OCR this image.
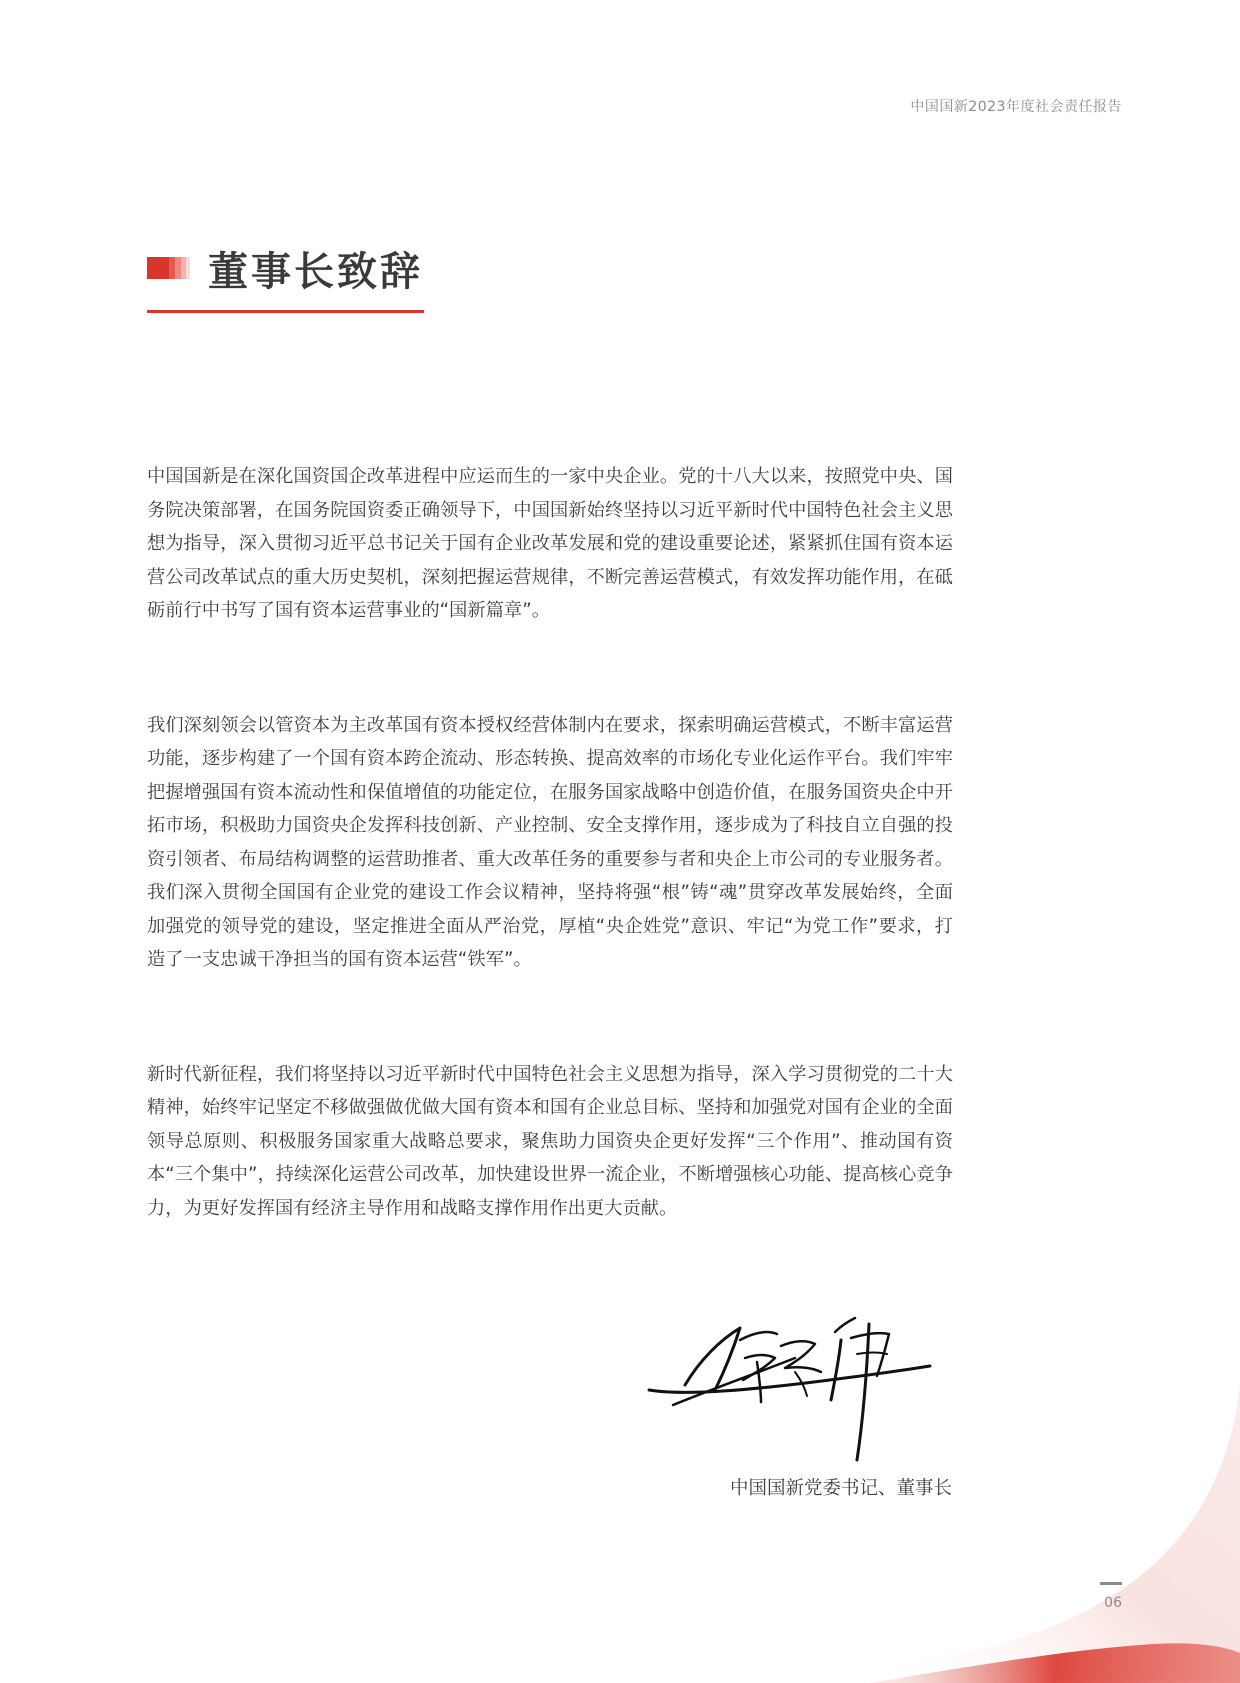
中国国新2023年度社会责任报告
董事长致辞

中国国新是在深化国资国企改革进程中应运而生的一家中央企业。党的十八大以来，按照党中央、国务院决策部署，在国务院国资委正确领导下，中国国新始终坚持以习近平新时代中国特色社会主义思想为指导，深入贯彻习近平总书记关于国有企业改革发展和党的建设重要论述，紧紧抓住国有资本运营公司改革试点的重大历史契机，深刻把握运营规律，不断完善运营模式，有效发挥功能作用，在砥砺前行中书写了国有资本运营事业的“国新篇章”。

我们深刻领会以管资本为主改革国有资本授权经营体制内在要求，探索明确运营模式，不断丰富运营功能，逐步构建了一个国有资本跨企流动、形态转换、提高效率的市场化专业化运作平台。我们牢牢把握增强国有资本流动性和保值增值的功能定位，在服务国家战略中创造价值，在服务国资央企中开拓市场，积极助力国资央企发挥科技创新、产业控制、安全支撑作用，逐步成为了科技自立自强的投资引领者、布局结构调整的运营助推者、重大改革任务的重要参与者和央企上市公司的专业服务者。我们深入贯彻全国国有企业党的建设工作会议精神，坚持将强“根”铸“魂”贯穿改革发展始终，全面加强党的领导党的建设，坚定推进全面从严治党，厚植“央企姓党”意识、牢记“为党工作”要求，打造了一支忠诚干净担当的国有资本运营“铁军”。

新时代新征程，我们将坚持以习近平新时代中国特色社会主义思想为指导，深入学习贯彻党的二十大精神，始终牢记坚定不移做强做优做大国有资本和国有企业总目标、坚持和加强党对国有企业的全面领导总原则、积极服务国家重大战略总要求，聚焦助力国资央企更好发挥“三个作用”、推动国有资本“三个集中”，持续深化运营公司改革，加快建设世界一流企业，不断增强核心功能、提高核心竞争力，为更好发挥国有经济主导作用和战略支撑作用作出更大贡献。

中国国新党委书记、董事长
06
